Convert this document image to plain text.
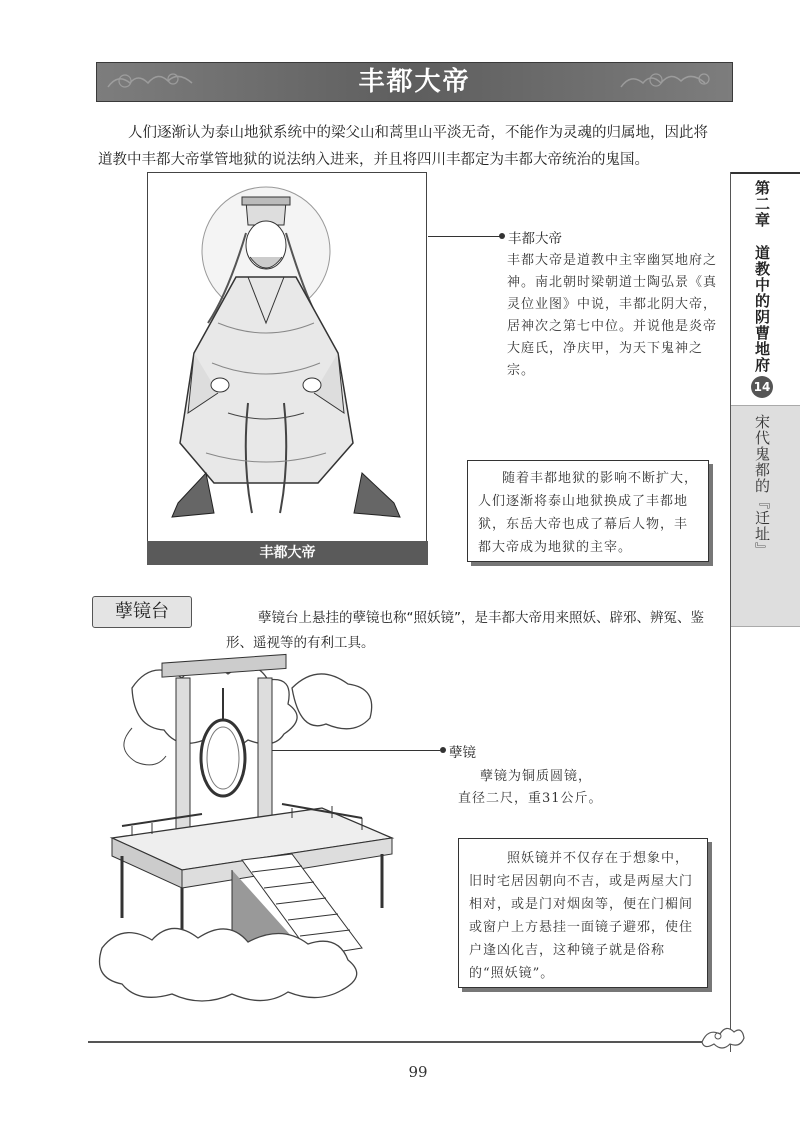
丰都大帝
人们逐渐认为泰山地狱系统中的梁父山和蒿里山平淡无奇，不能作为灵魂的归属地，因此将道教中丰都大帝掌管地狱的说法纳入进来，并且将四川丰都定为丰都大帝统治的鬼国。
第二章
道教中的阴曹地府
14
宋代鬼都的『迁址』
丰都大帝
丰都大帝
丰都大帝是道教中主宰幽冥地府之神。南北朝时梁朝道士陶弘景《真灵位业图》中说，丰都北阴大帝，居神次之第七中位。并说他是炎帝大庭氏，净庆甲，为天下鬼神之宗。
随着丰都地狱的影响不断扩大，人们逐渐将泰山地狱换成了丰都地狱，东岳大帝也成了幕后人物，丰都大帝成为地狱的主宰。
孽镜台	孽镜台上悬挂的孽镜也称“照妖镜”，是丰都大帝用来照妖、辟邪、辨冤、鉴形、遥视等的有利工具。
孽镜
孽镜为铜质圆镜，
直径二尺，重31公斤。
照妖镜并不仅存在于想象中，旧时宅居因朝向不吉，或是两屋大门相对，或是门对烟囱等，便在门楣间或窗户上方悬挂一面镜子避邪，使住户逢凶化吉，这种镜子就是俗称的“照妖镜”。
99
